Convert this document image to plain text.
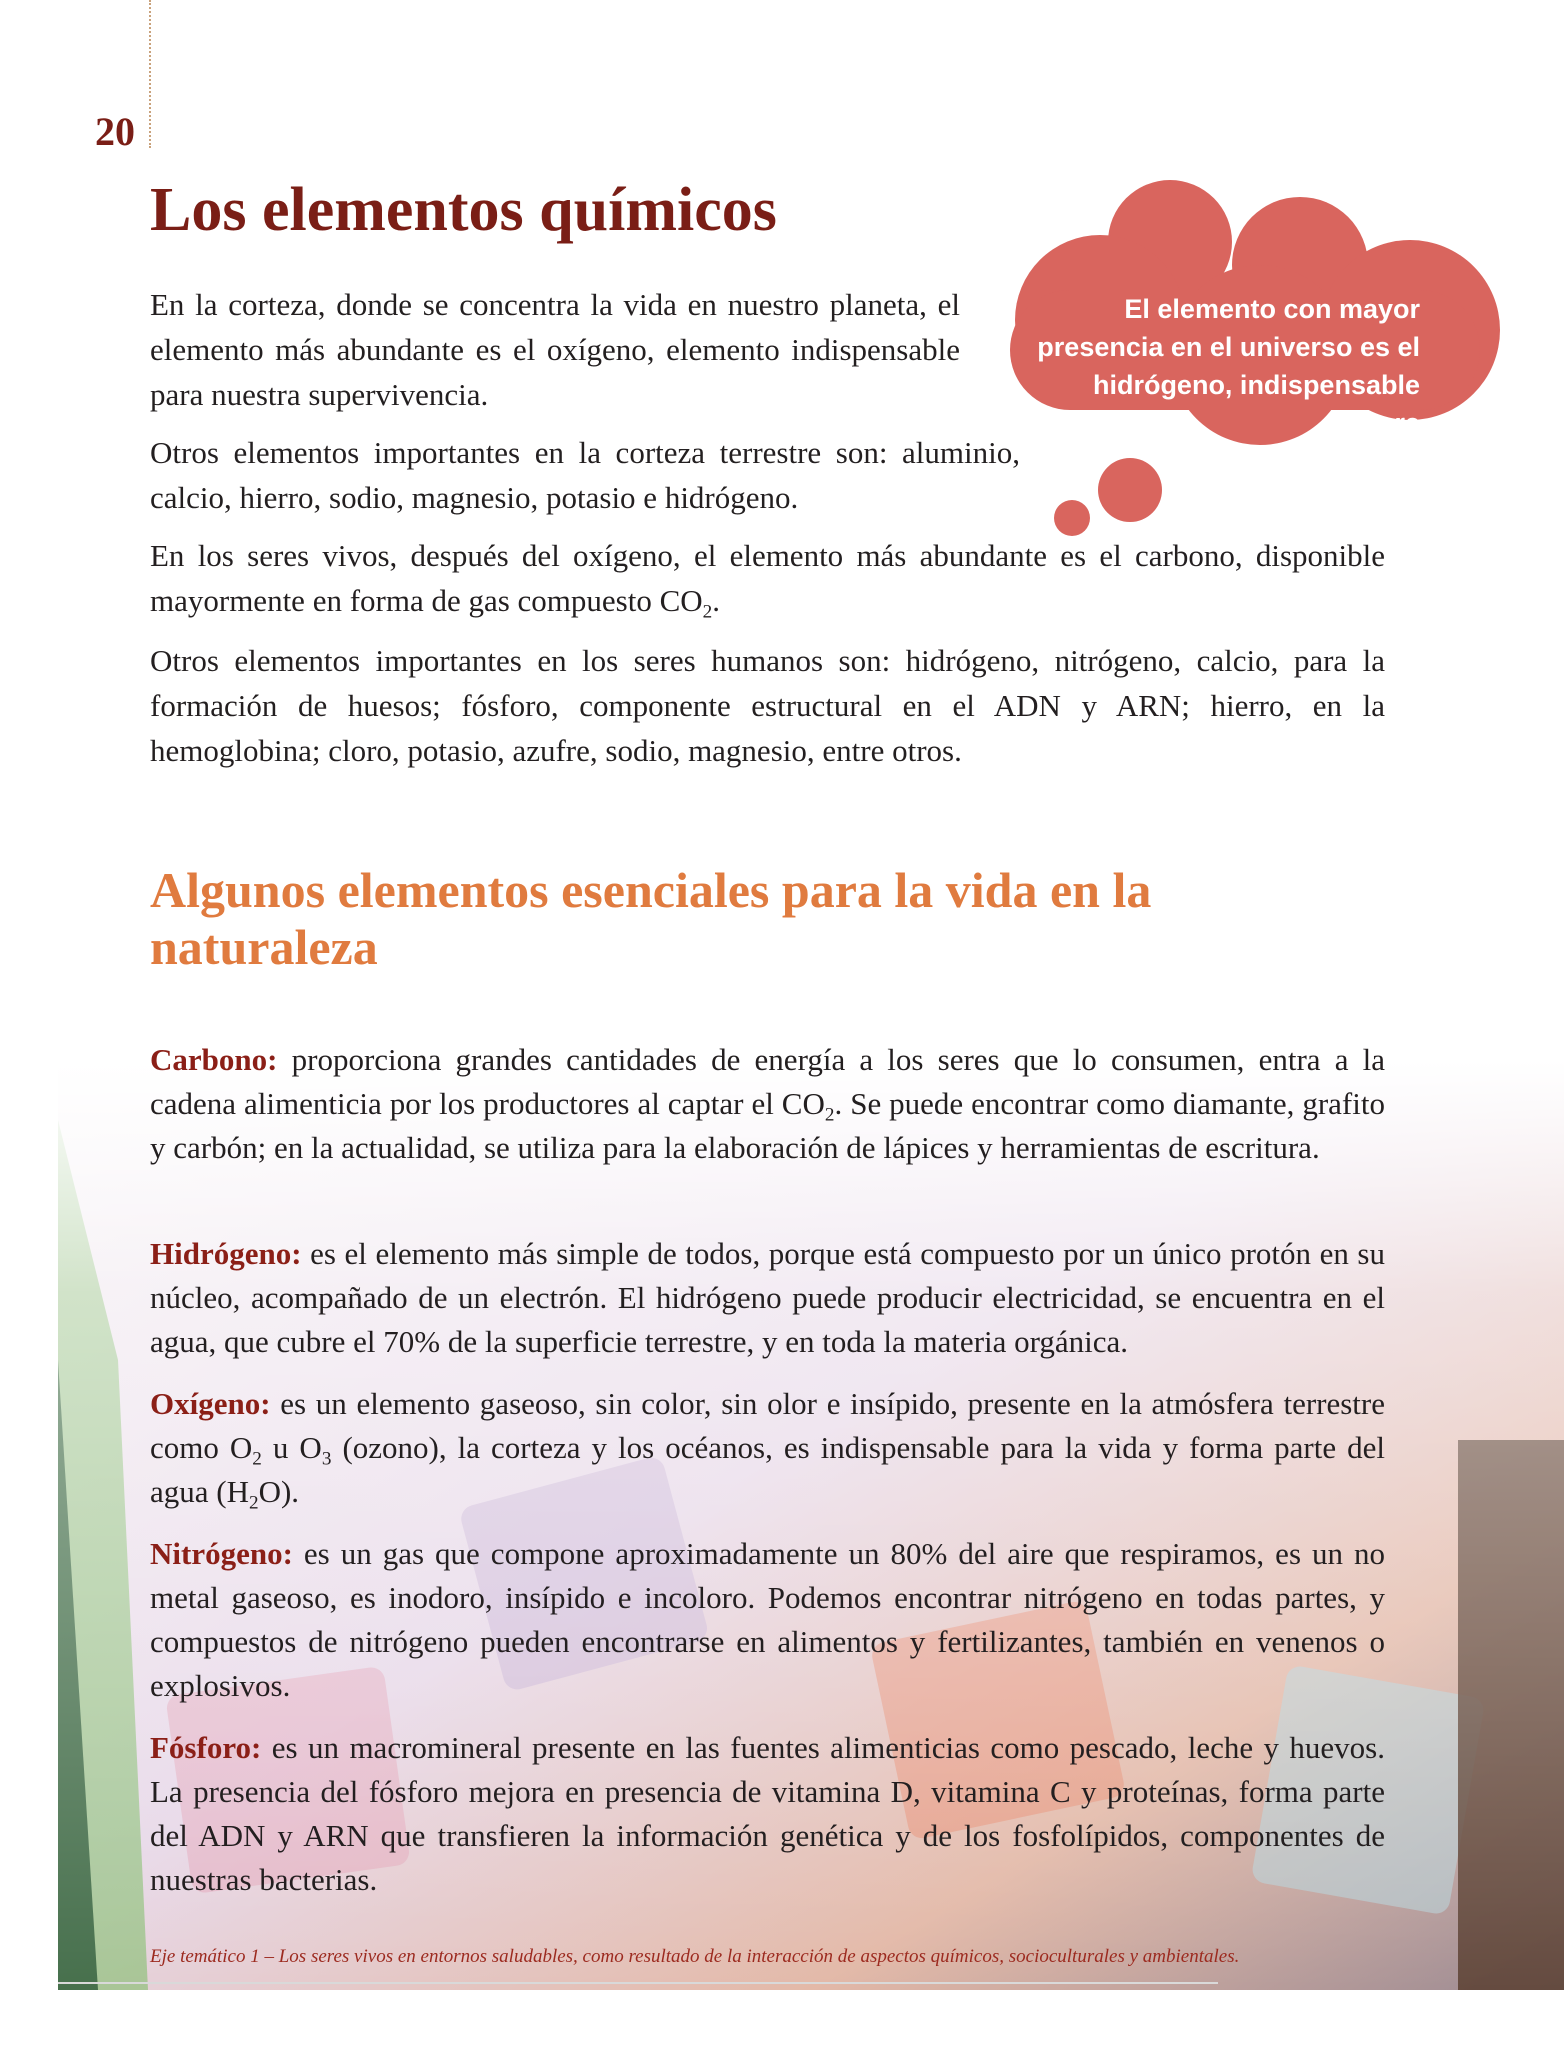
20
Los elementos químicos

En la corteza, donde se concentra la vida en nuestro planeta, el elemento más abundante es el oxígeno, elemento indispensable para nuestra supervivencia.

Otros elementos importantes en la corteza terrestre son: aluminio, calcio, hierro, sodio, magnesio, potasio e hidrógeno.

En los seres vivos, después del oxígeno, el elemento más abundante es el carbono, disponible mayormente en forma de gas compuesto $CO_2$.

Otros elementos importantes en los seres humanos son: hidrógeno, nitrógeno, calcio, para la formación de huesos; fósforo, componente estructural en el ADN y ARN; hierro, en la hemoglobina; cloro, potasio, azufre, sodio, magnesio, entre otros.

El elemento con mayor
presencia en el universo es el
hidrógeno, indispensable para
las estrellas.
Algunos elementos esenciales para la vida en la naturaleza

Carbono: proporciona grandes cantidades de energía a los seres que lo consumen, entra a la cadena alimenticia por los productores al captar el $CO_2$. Se puede encontrar como diamante, grafito y carbón; en la actualidad, se utiliza para la elaboración de lápices y herramientas de escritura.

Hidrógeno: es el elemento más simple de todos, porque está compuesto por un único protón en su núcleo, acompañado de un electrón. El hidrógeno puede producir electricidad, se encuentra en el agua, que cubre el 70% de la superficie terrestre, y en toda la materia orgánica.

Oxígeno: es un elemento gaseoso, sin color, sin olor e insípido, presente en la atmósfera terrestre como $O_2$ u $O_3$ (ozono), la corteza y los océanos, es indispensable para la vida y forma parte del agua $(H_2O)$.

Nitrógeno: es un gas que compone aproximadamente un 80% del aire que respiramos, es un no metal gaseoso, es inodoro, insípido e incoloro. Podemos encontrar nitrógeno en todas partes, y compuestos de nitrógeno pueden encontrarse en alimentos y fertilizantes, también en venenos o explosivos.

Fósforo: es un macromineral presente en las fuentes alimenticias como pescado, leche y huevos. La presencia del fósforo mejora en presencia de vitamina D, vitamina C y proteínas, forma parte del ADN y ARN que transfieren la información genética y de los fosfolípidos, componentes de nuestras bacterias.

Eje temático 1 – Los seres vivos en entornos saludables, como resultado de la interacción de aspectos químicos, socioculturales y ambientales.
